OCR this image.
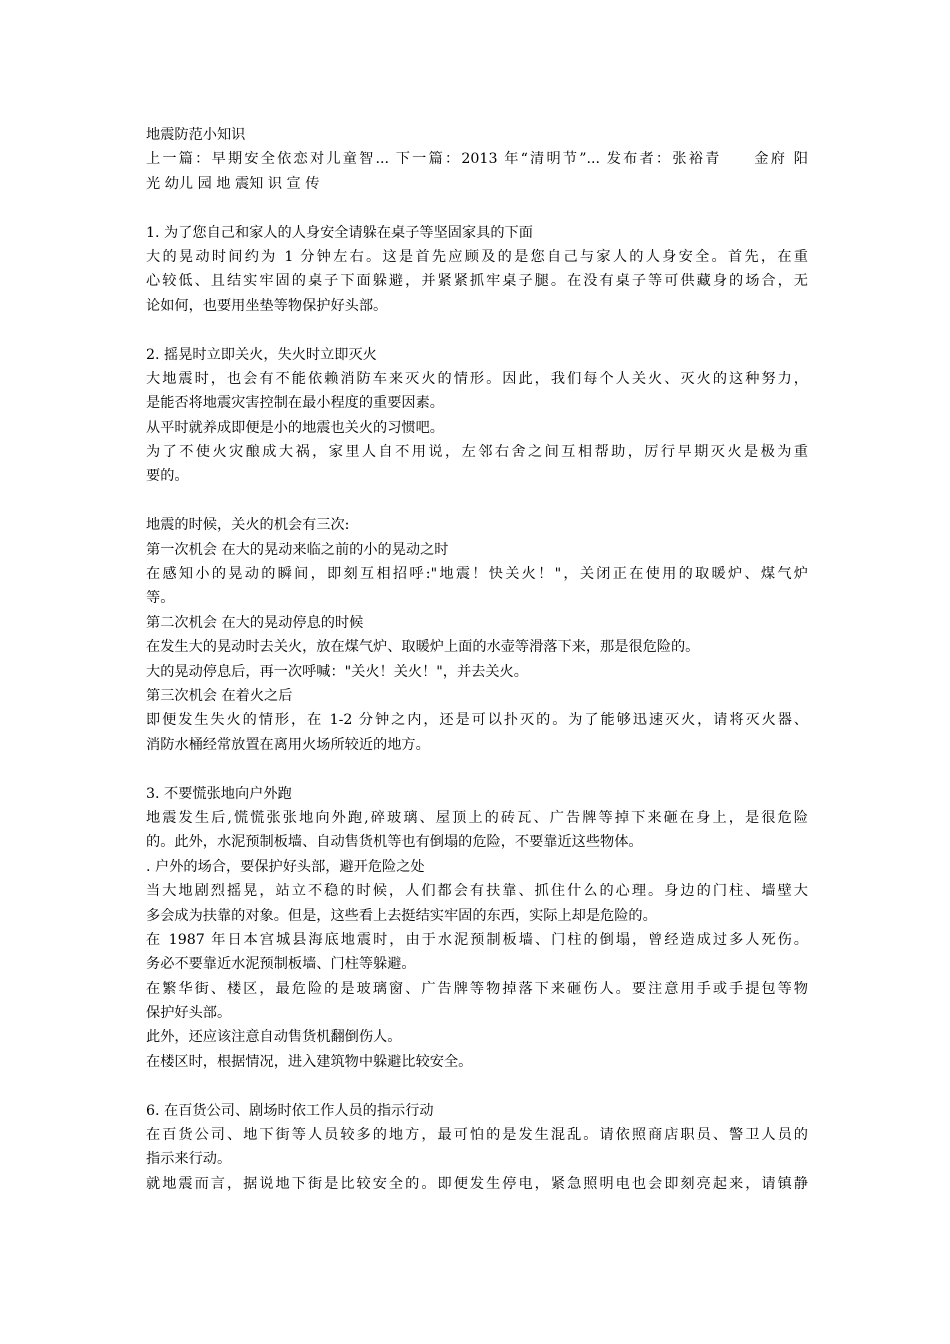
地震防范小知识
上一篇：早期安全依恋对儿童智... 下一篇：2013 年“清明节”... 发布者：张裕青　　金府 阳
光 幼儿 园 地 震知 识 宣 传
1. 为了您自己和家人的人身安全请躲在桌子等坚固家具的下面
大的晃动时间约为 1 分钟左右。这是首先应顾及的是您自己与家人的人身安全。首先，在重
心较低、且结实牢固的桌子下面躲避，并紧紧抓牢桌子腿。在没有桌子等可供藏身的场合，无
论如何，也要用坐垫等物保护好头部。
2. 摇晃时立即关火，失火时立即灭火
大地震时，也会有不能依赖消防车来灭火的情形。因此，我们每个人关火、灭火的这种努力，
是能否将地震灾害控制在最小程度的重要因素。
从平时就养成即便是小的地震也关火的习惯吧。
为了不使火灾酿成大祸，家里人自不用说，左邻右舍之间互相帮助，厉行早期灭火是极为重
要的。
地震的时候，关火的机会有三次:
第一次机会 在大的晃动来临之前的小的晃动之时
在感知小的晃动的瞬间，即刻互相招呼:"地震！快关火！"，关闭正在使用的取暖炉、煤气炉
等。
第二次机会 在大的晃动停息的时候
在发生大的晃动时去关火，放在煤气炉、取暖炉上面的水壶等滑落下来，那是很危险的。
大的晃动停息后，再一次呼喊："关火！关火！"，并去关火。
第三次机会 在着火之后
即便发生失火的情形，在 1-2 分钟之内，还是可以扑灭的。为了能够迅速灭火，请将灭火器、
消防水桶经常放置在离用火场所较近的地方。
3. 不要慌张地向户外跑
地震发生后,慌慌张张地向外跑,碎玻璃、屋顶上的砖瓦、广告牌等掉下来砸在身上，是很危险
的。此外，水泥预制板墙、自动售货机等也有倒塌的危险，不要靠近这些物体。
. 户外的场合，要保护好头部，避开危险之处
当大地剧烈摇晃，站立不稳的时候，人们都会有扶靠、抓住什么的心理。身边的门柱、墙壁大
多会成为扶靠的对象。但是，这些看上去挺结实牢固的东西，实际上却是危险的。
在 1987 年日本宫城县海底地震时，由于水泥预制板墙、门柱的倒塌，曾经造成过多人死伤。
务必不要靠近水泥预制板墙、门柱等躲避。
在繁华街、楼区，最危险的是玻璃窗、广告牌等物掉落下来砸伤人。要注意用手或手提包等物
保护好头部。
此外，还应该注意自动售货机翻倒伤人。
在楼区时，根据情况，进入建筑物中躲避比较安全。
6. 在百货公司、剧场时依工作人员的指示行动
在百货公司、地下街等人员较多的地方，最可怕的是发生混乱。请依照商店职员、警卫人员的
指示来行动。
就地震而言，据说地下街是比较安全的。即便发生停电，紧急照明电也会即刻亮起来，请镇静
